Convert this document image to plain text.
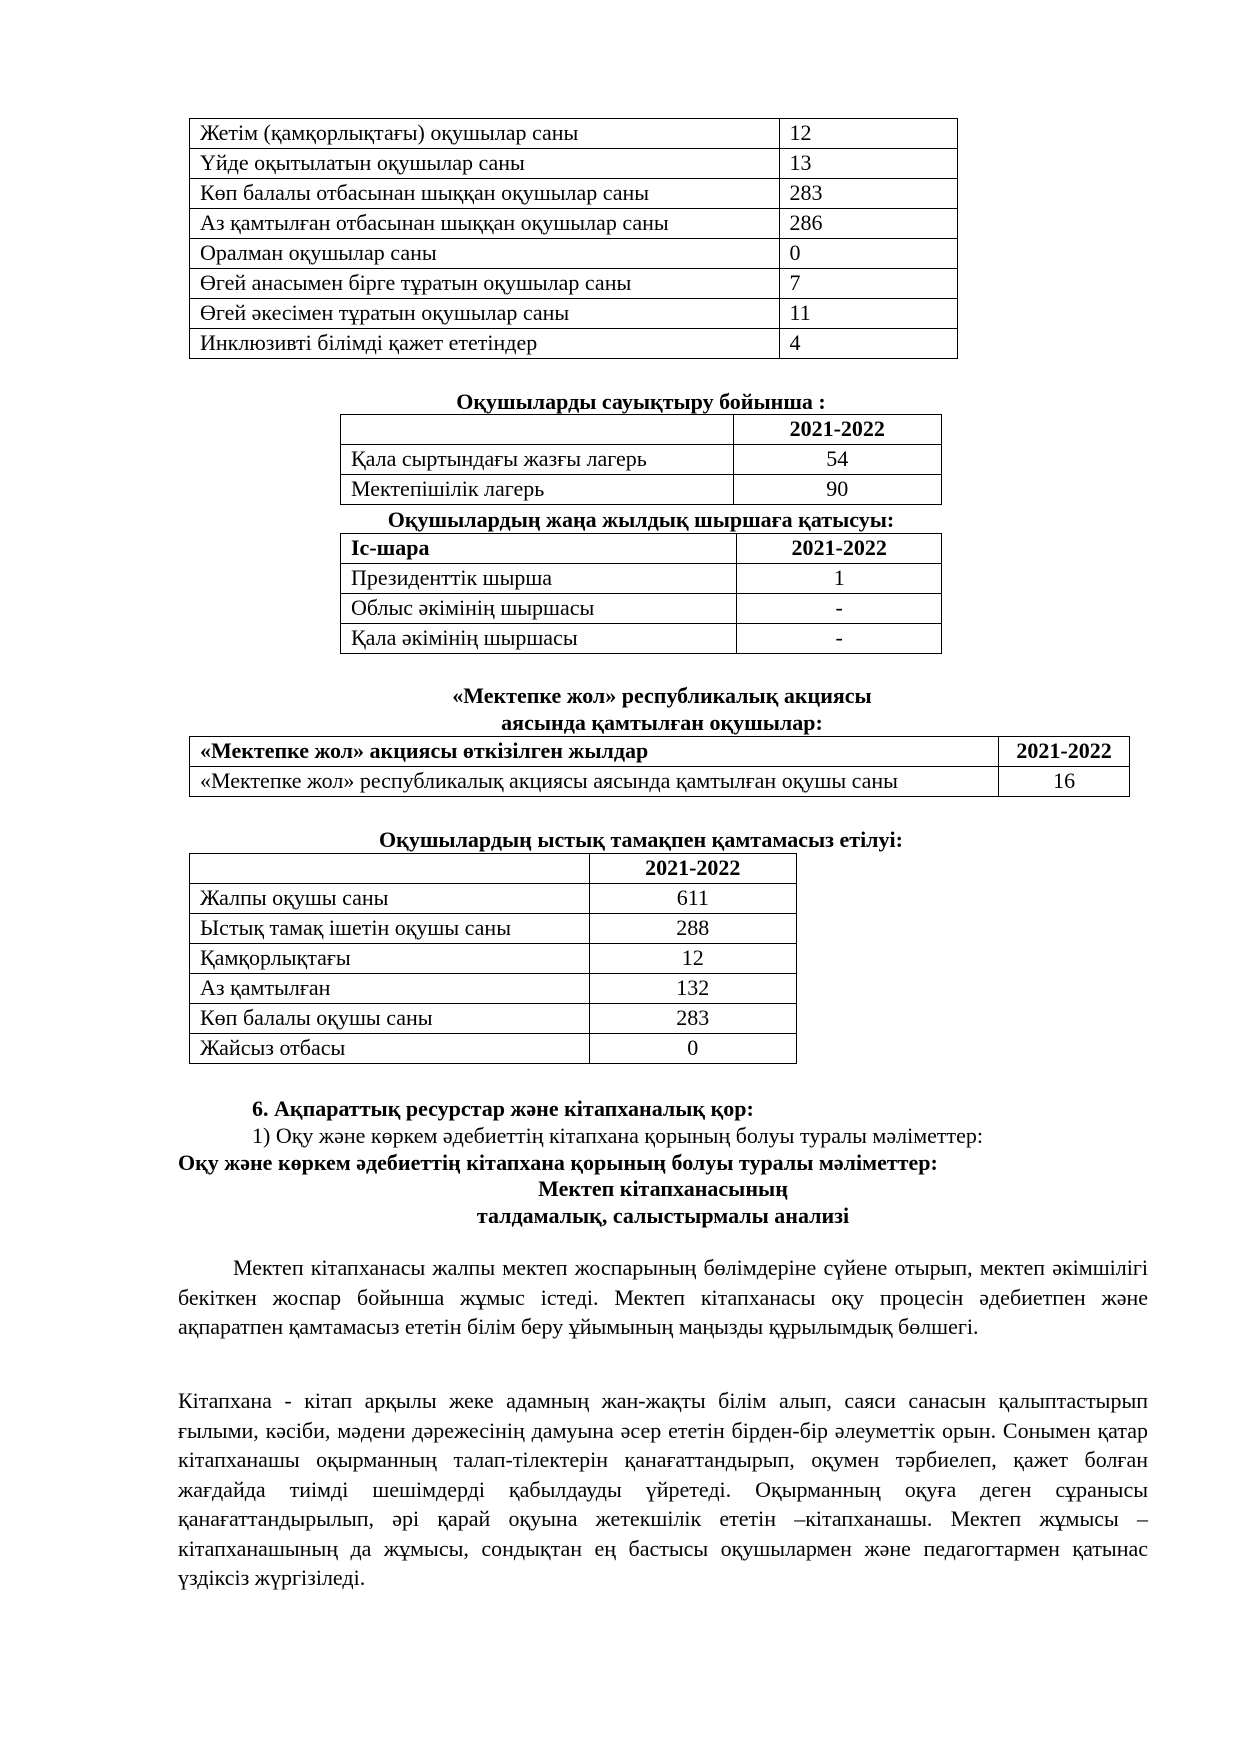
Жетім (қамқорлықтағы) оқушылар саны	12
Үйде оқытылатын оқушылар саны	13
Көп балалы отбасынан шыққан оқушылар саны	283
Аз қамтылған отбасынан шыққан оқушылар саны	286
Оралман оқушылар саны	0
Өгей анасымен бірге тұратын оқушылар саны	7
Өгей әкесімен тұратын оқушылар саны	11
Инклюзивті білімді қажет ететіндер	4
Оқушыларды сауықтыру бойынша :
	2021-2022
Қала сыртындағы жазғы лагерь	54
Мектепішілік лагерь	90
Оқушылардың жаңа жылдық шыршаға қатысуы:
Іс-шара	2021-2022
Президенттік шырша	1
Облыс әкімінің шыршасы	-
Қала әкімінің шыршасы	-
«Мектепке жол» республикалық акциясы
аясында қамтылған оқушылар:
«Мектепке жол» акциясы өткізілген жылдар	2021-2022
«Мектепке жол» республикалық акциясы аясында қамтылған оқушы саны	16
Оқушылардың ыстық тамақпен қамтамасыз етілуі:
	2021-2022
Жалпы оқушы саны	611
Ыстық тамақ ішетін оқушы саны	288
Қамқорлықтағы	12
Аз қамтылған	132
Көп балалы оқушы саны	283
Жайсыз отбасы	0
6. Ақпараттық ресурстар және кітапханалық қор:
1) Оқу және көркем әдебиеттің кітапхана қорының болуы туралы мәліметтер:
Оқу және көркем әдебиеттің кітапхана қорының болуы туралы мәліметтер:
Мектеп кітапханасының
талдамалық, салыстырмалы анализі
Мектеп кітапханасы жалпы мектеп жоспарының бөлімдеріне сүйене отырып, мектеп әкімшілігі бекіткен жоспар бойынша жұмыс істеді. Мектеп кітапханасы оқу процесін әдебиетпен және ақпаратпен қамтамасыз ететін білім беру ұйымының маңызды құрылымдық бөлшегі.
Кітапхана - кітап арқылы жеке адамның жан-жақты білім алып, саяси санасын қалыптастырып ғылыми, кәсіби, мәдени дәрежесінің дамуына әсер ететін бірден-бір әлеуметтік орын. Сонымен қатар кітапханашы оқырманның талап-тілектерін қанағаттандырып, оқумен тәрбиелеп, қажет болған жағдайда тиімді шешімдерді қабылдауды үйретеді. Оқырманның оқуға деген сұранысы қанағаттандырылып, әрі қарай оқуына жетекшілік ететін –кітапханашы. Мектеп жұмысы – кітапханашының да жұмысы, сондықтан ең бастысы оқушылармен және педагогтармен қатынас үздіксіз жүргізіледі.
